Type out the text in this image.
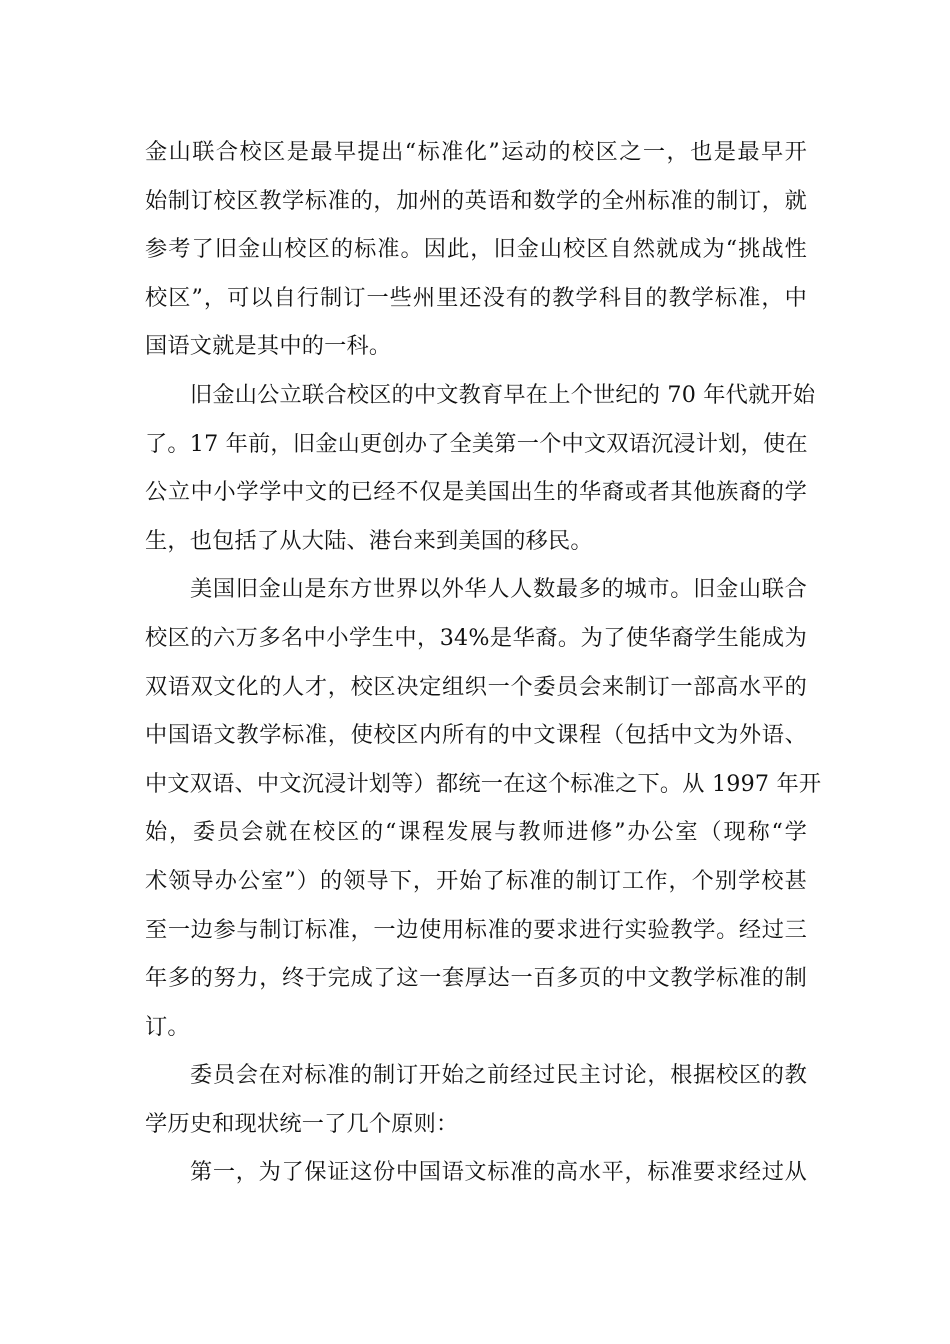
金山联合校区是最早提出“标准化”运动的校区之一，也是最早开
始制订校区教学标准的，加州的英语和数学的全州标准的制订，就
参考了旧金山校区的标准。因此，旧金山校区自然就成为“挑战性
校区”，可以自行制订一些州里还没有的教学科目的教学标准，中
国语文就是其中的一科。
旧金山公立联合校区的中文教育早在上个世纪的 70 年代就开始
了。17 年前，旧金山更创办了全美第一个中文双语沉浸计划，使在
公立中小学学中文的已经不仅是美国出生的华裔或者其他族裔的学
生，也包括了从大陆、港台来到美国的移民。
美国旧金山是东方世界以外华人人数最多的城市。旧金山联合
校区的六万多名中小学生中，34%是华裔。为了使华裔学生能成为
双语双文化的人才，校区决定组织一个委员会来制订一部高水平的
中国语文教学标准，使校区内所有的中文课程（包括中文为外语、
中文双语、中文沉浸计划等）都统一在这个标准之下。从 1997 年开
始，委员会就在校区的“课程发展与教师进修”办公室（现称“学
术领导办公室”）的领导下，开始了标准的制订工作，个别学校甚
至一边参与制订标准，一边使用标准的要求进行实验教学。经过三
年多的努力，终于完成了这一套厚达一百多页的中文教学标准的制
订。
委员会在对标准的制订开始之前经过民主讨论，根据校区的教
学历史和现状统一了几个原则：
第一，为了保证这份中国语文标准的高水平，标准要求经过从
